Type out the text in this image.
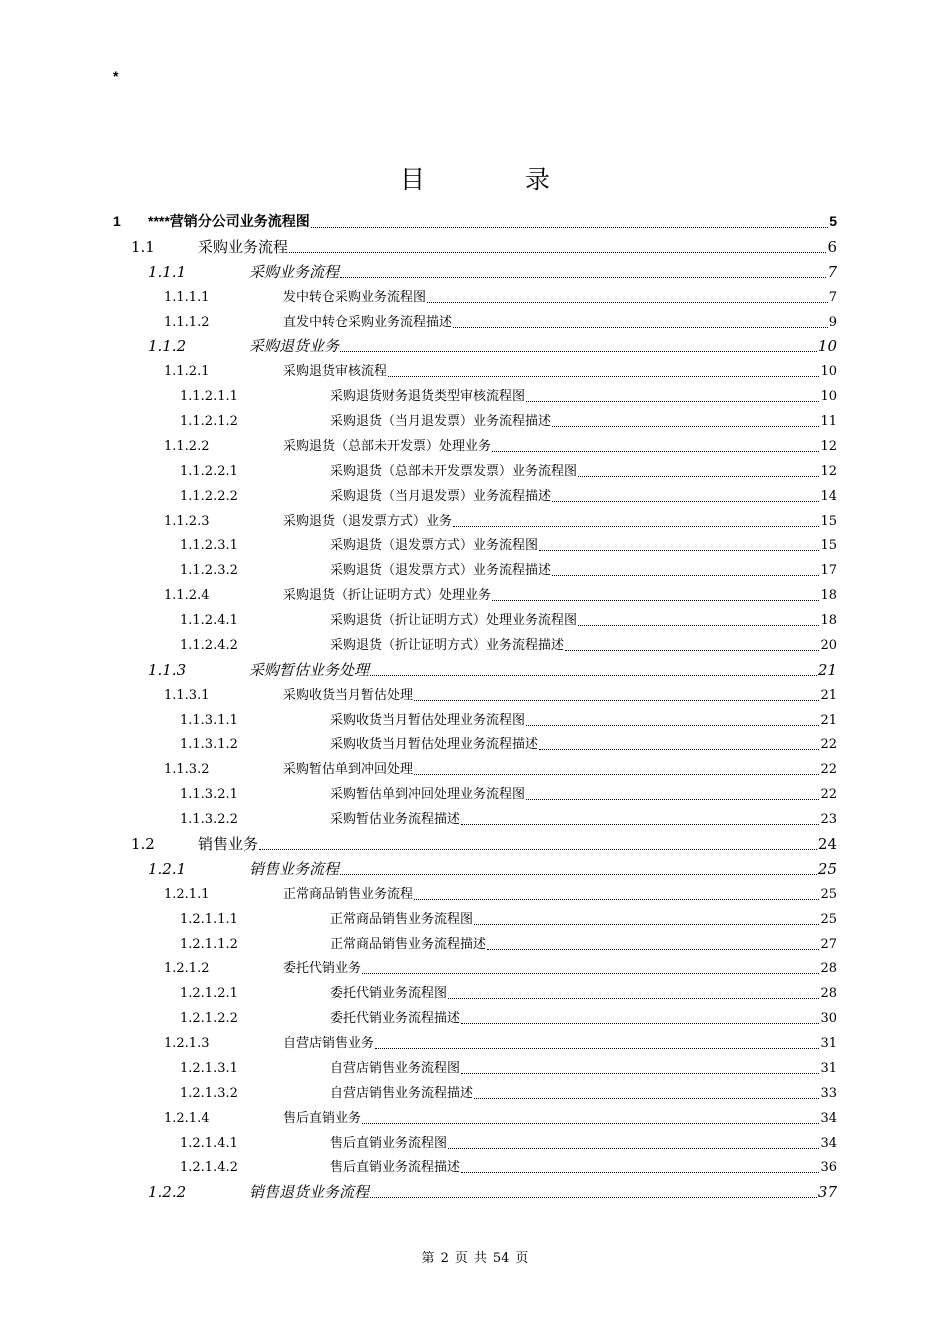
*
目 录
1	****营销分公司业务流程图	5
1.1	采购业务流程	6
1.1.1	采购业务流程	7
1.1.1.1	发中转仓采购业务流程图	7
1.1.1.2	直发中转仓采购业务流程描述	9
1.1.2	采购退货业务	10
1.1.2.1	采购退货审核流程	10
1.1.2.1.1	采购退货财务退货类型审核流程图	10
1.1.2.1.2	采购退货（当月退发票）业务流程描述	11
1.1.2.2	采购退货（总部未开发票）处理业务	12
1.1.2.2.1	采购退货（总部未开发票发票）业务流程图	12
1.1.2.2.2	采购退货（当月退发票）业务流程描述	14
1.1.2.3	采购退货（退发票方式）业务	15
1.1.2.3.1	采购退货（退发票方式）业务流程图	15
1.1.2.3.2	采购退货（退发票方式）业务流程描述	17
1.1.2.4	采购退货（折让证明方式）处理业务	18
1.1.2.4.1	采购退货（折让证明方式）处理业务流程图	18
1.1.2.4.2	采购退货（折让证明方式）业务流程描述	20
1.1.3	采购暂估业务处理	21
1.1.3.1	采购收货当月暂估处理	21
1.1.3.1.1	采购收货当月暂估处理业务流程图	21
1.1.3.1.2	采购收货当月暂估处理业务流程描述	22
1.1.3.2	采购暂估单到冲回处理	22
1.1.3.2.1	采购暂估单到冲回处理业务流程图	22
1.1.3.2.2	采购暂估业务流程描述	23
1.2	销售业务	24
1.2.1	销售业务流程	25
1.2.1.1	正常商品销售业务流程	25
1.2.1.1.1	正常商品销售业务流程图	25
1.2.1.1.2	正常商品销售业务流程描述	27
1.2.1.2	委托代销业务	28
1.2.1.2.1	委托代销业务流程图	28
1.2.1.2.2	委托代销业务流程描述	30
1.2.1.3	自营店销售业务	31
1.2.1.3.1	自营店销售业务流程图	31
1.2.1.3.2	自营店销售业务流程描述	33
1.2.1.4	售后直销业务	34
1.2.1.4.1	售后直销业务流程图	34
1.2.1.4.2	售后直销业务流程描述	36
1.2.2	销售退货业务流程	37
第 2 页 共 54 页
